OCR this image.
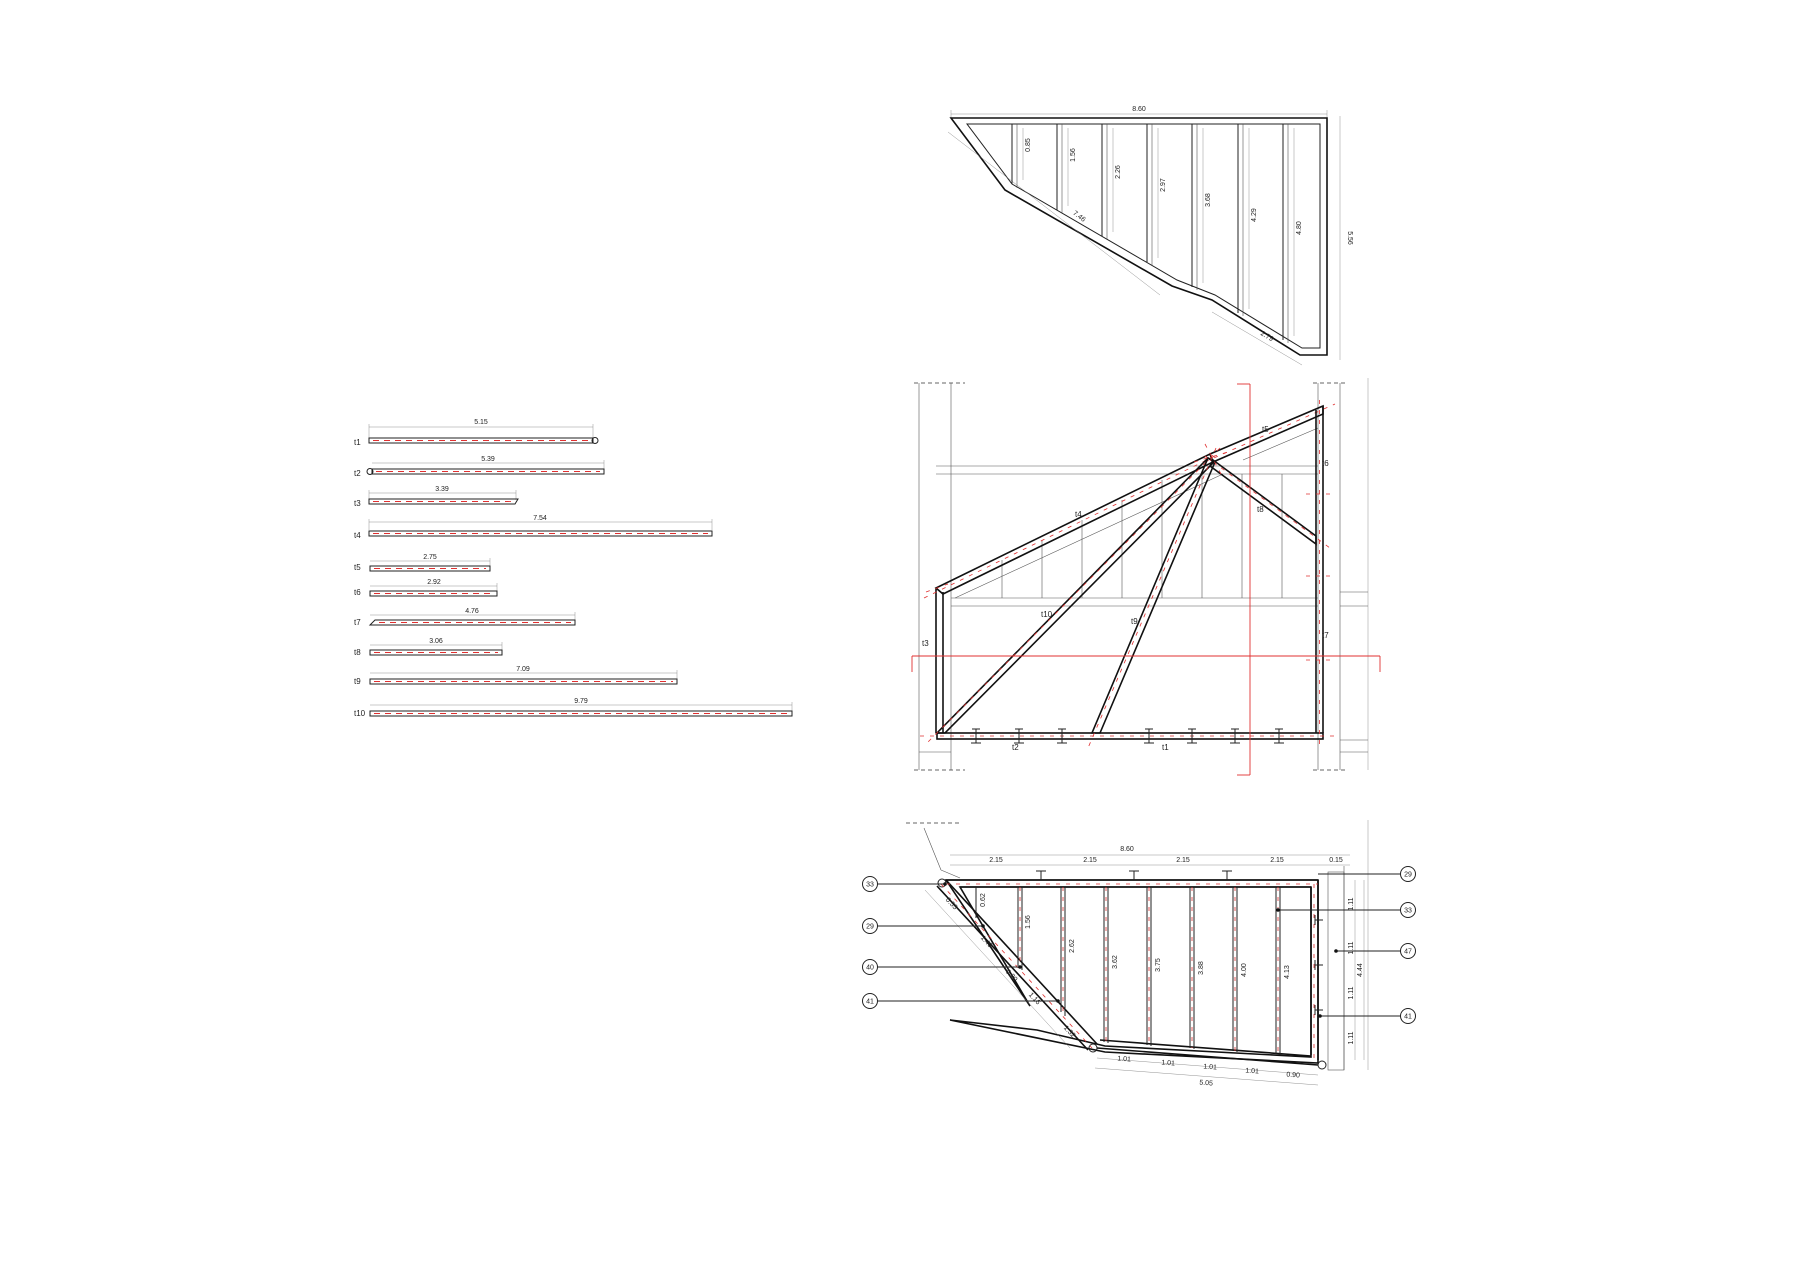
8.60
5.56
7.46
2.79
0.85
1.56
2.26
2.97
3.68
4.29
4.80
t1
5.15
t2
5.39
t3
3.39
t4
7.54
t5
2.75
t6
2.92
t7
4.76
t8
3.06
t9
7.09
t10
9.79
t5
t6
t4
t8
t10
t9
t3
t7
t2	t1
8.60
2.15	2.15	2.15	2.15	0.15
0.62
1.56
2.62
3.62	3.75	3.88	4.00	4.13
1.11
1.11
1.11
1.11
4.44
0.55
1.40
0.20
1.16
1.32
1.01
1.01
1.01
1.01
0.90
5.05
33
29
40
41
29
33
47
41
